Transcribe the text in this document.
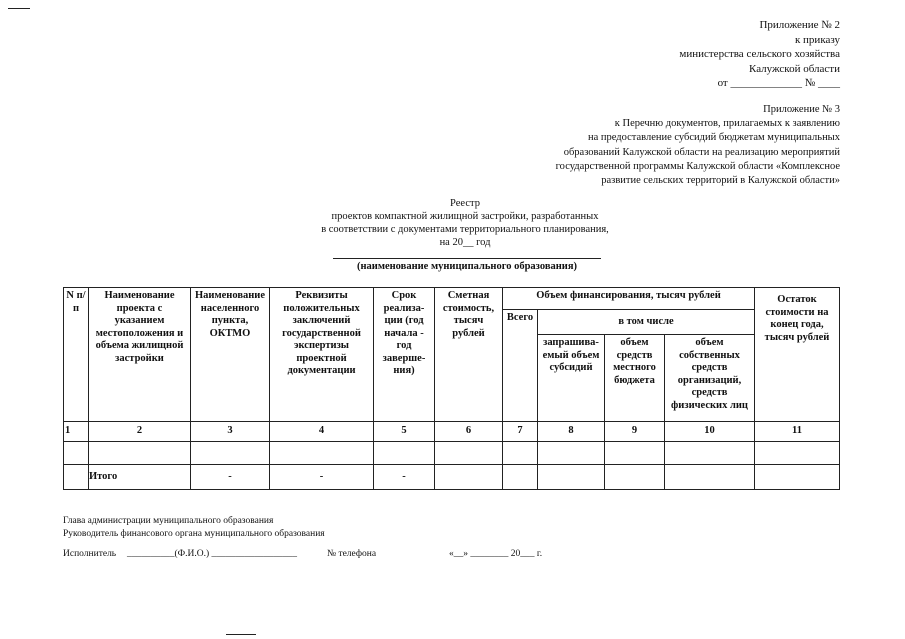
Приложение № 2
к приказу
министерства сельского хозяйства
Калужской области
от _____________ № ____
Приложение № 3
к Перечню документов, прилагаемых к заявлению
на предоставление субсидий бюджетам муниципальных
образований Калужской области на реализацию мероприятий
государственной программы Калужской области «Комплексное
развитие сельских территорий в Калужской области»
Реестр
проектов компактной жилищной застройки, разработанных
в соответствии с документами территориального планирования,
на 20__ год
(наименование муниципального образования)
N п/п	Наименование проекта с указанием местоположения и объема жилищной застройки	Наименование населенного пункта, ОКТМО	Реквизиты положительных заключений государственной экспертизы проектной документации	Срок реализа-ции (год начала - год заверше-ния)	Сметная стоимость, тысяч рублей	Объем финансирования, тысяч рублей				Остаток стоимости на конец года, тысяч рублей
						Всего	в том числе			
							запрашива-емый объем субсидий	объем средств местного бюджета	объем собственных средств организаций, средств физических лиц	
1	2	3	4	5	6	7	8	9	10	11

	Итого	-	-	-						
Глава администрации муниципального образования
Руководитель финансового органа муниципального образования
Исполнитель __________(Ф.И.О.) __________________	№ телефона	«__» ________ 20___ г.
